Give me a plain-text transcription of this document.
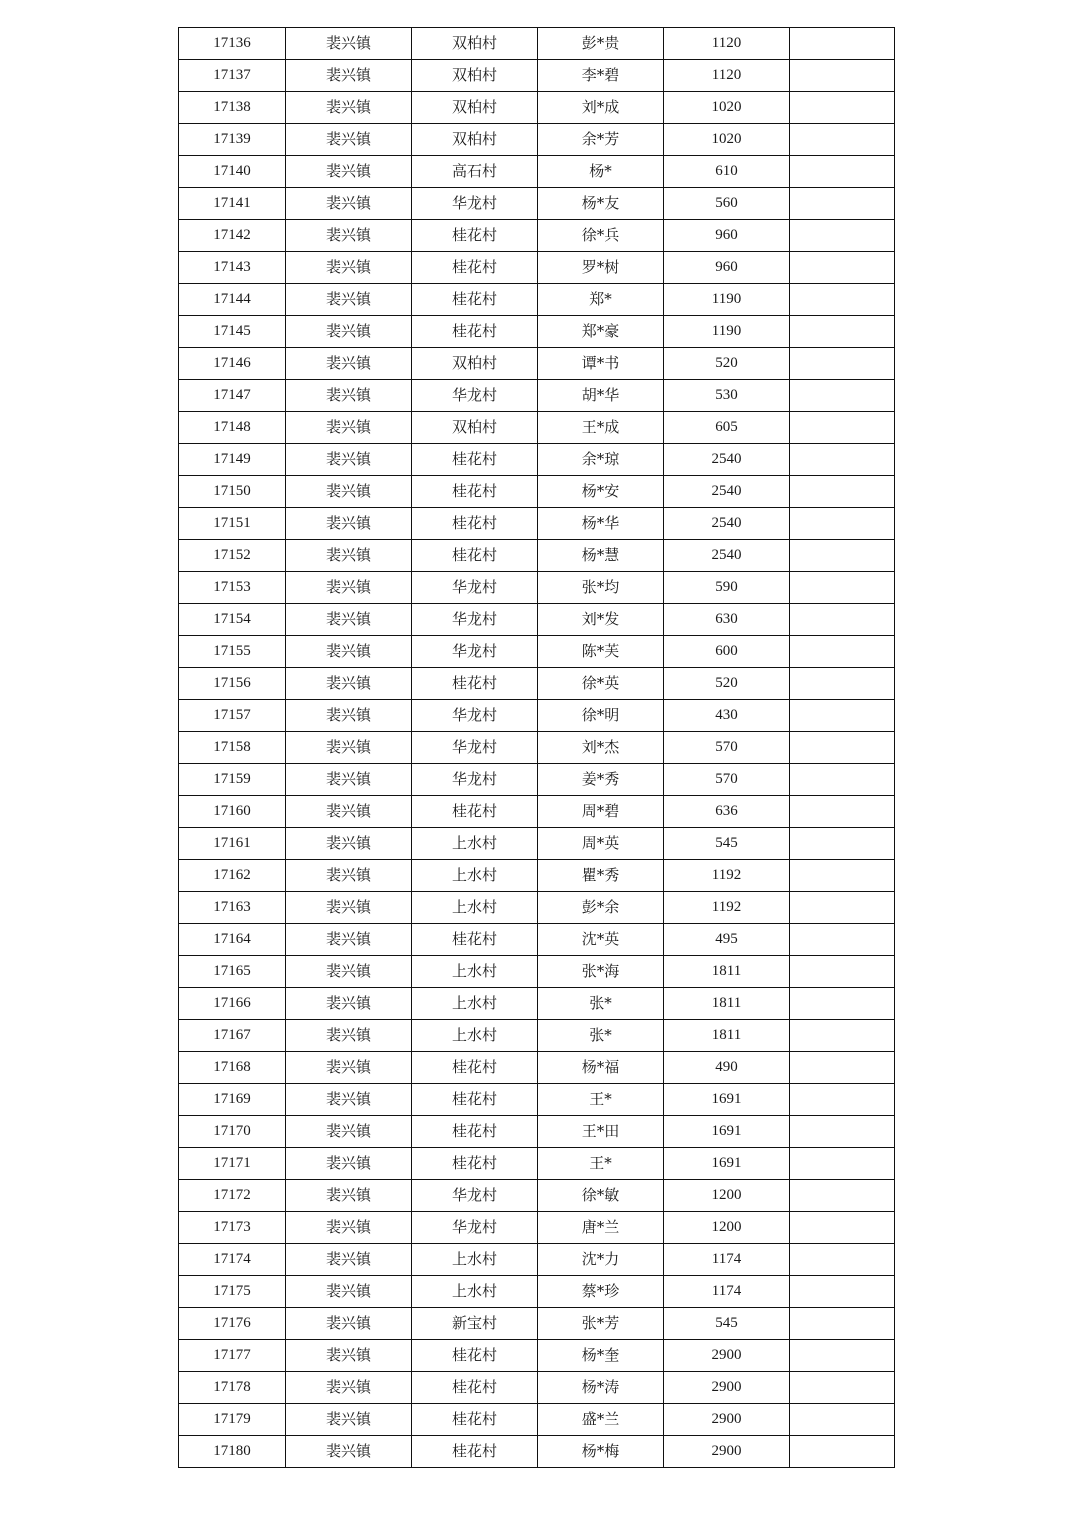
17136	裴兴镇	双柏村	彭*贵	1120	
17137	裴兴镇	双柏村	李*碧	1120	
17138	裴兴镇	双柏村	刘*成	1020	
17139	裴兴镇	双柏村	余*芳	1020	
17140	裴兴镇	高石村	杨*	610	
17141	裴兴镇	华龙村	杨*友	560	
17142	裴兴镇	桂花村	徐*兵	960	
17143	裴兴镇	桂花村	罗*树	960	
17144	裴兴镇	桂花村	郑*	1190	
17145	裴兴镇	桂花村	郑*豪	1190	
17146	裴兴镇	双柏村	谭*书	520	
17147	裴兴镇	华龙村	胡*华	530	
17148	裴兴镇	双柏村	王*成	605	
17149	裴兴镇	桂花村	余*琼	2540	
17150	裴兴镇	桂花村	杨*安	2540	
17151	裴兴镇	桂花村	杨*华	2540	
17152	裴兴镇	桂花村	杨*慧	2540	
17153	裴兴镇	华龙村	张*均	590	
17154	裴兴镇	华龙村	刘*发	630	
17155	裴兴镇	华龙村	陈*芙	600	
17156	裴兴镇	桂花村	徐*英	520	
17157	裴兴镇	华龙村	徐*明	430	
17158	裴兴镇	华龙村	刘*杰	570	
17159	裴兴镇	华龙村	姜*秀	570	
17160	裴兴镇	桂花村	周*碧	636	
17161	裴兴镇	上水村	周*英	545	
17162	裴兴镇	上水村	瞿*秀	1192	
17163	裴兴镇	上水村	彭*余	1192	
17164	裴兴镇	桂花村	沈*英	495	
17165	裴兴镇	上水村	张*海	1811	
17166	裴兴镇	上水村	张*	1811	
17167	裴兴镇	上水村	张*	1811	
17168	裴兴镇	桂花村	杨*福	490	
17169	裴兴镇	桂花村	王*	1691	
17170	裴兴镇	桂花村	王*田	1691	
17171	裴兴镇	桂花村	王*	1691	
17172	裴兴镇	华龙村	徐*敏	1200	
17173	裴兴镇	华龙村	唐*兰	1200	
17174	裴兴镇	上水村	沈*力	1174	
17175	裴兴镇	上水村	蔡*珍	1174	
17176	裴兴镇	新宝村	张*芳	545	
17177	裴兴镇	桂花村	杨*奎	2900	
17178	裴兴镇	桂花村	杨*涛	2900	
17179	裴兴镇	桂花村	盛*兰	2900	
17180	裴兴镇	桂花村	杨*梅	2900	
